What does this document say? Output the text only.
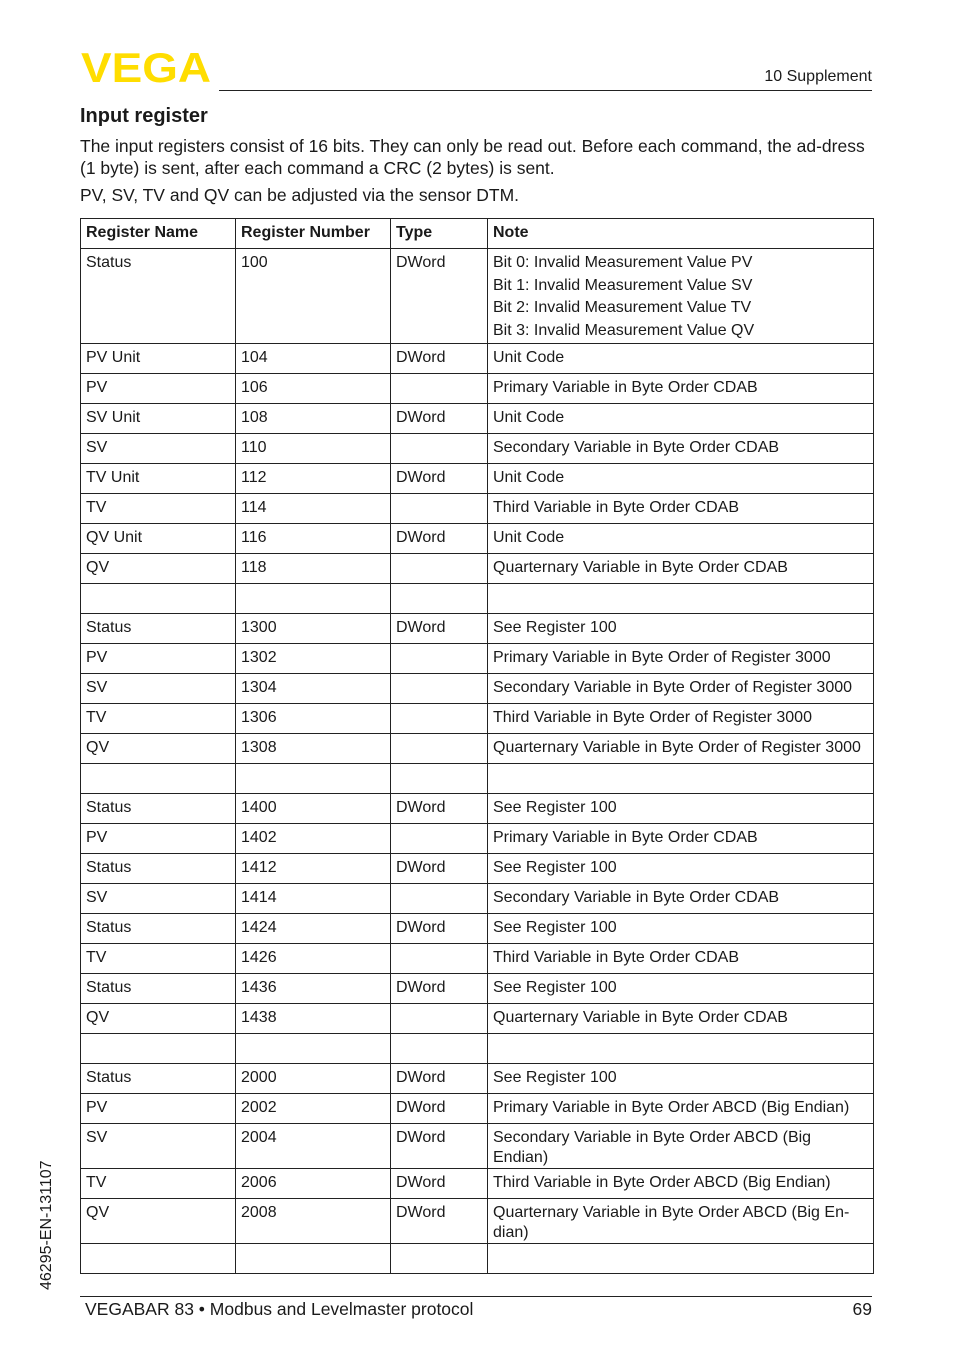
VEGA	10 Supplement
Input register

The input registers consist of 16 bits. They can only be read out. Before each command, the ad-dress (1 byte) is sent, after each command a CRC (2 bytes) is sent.

PV, SV, TV and QV can be adjusted via the sensor DTM.

Register Name	Register Number	Type	Note
Status	100	DWord	Bit 0: Invalid Measurement Value PV
Bit 1: Invalid Measurement Value SV
Bit 2: Invalid Measurement Value TV
Bit 3: Invalid Measurement Value QV

PV Unit	104	DWord	Unit Code
PV	106		Primary Variable in Byte Order CDAB
SV Unit	108	DWord	Unit Code
SV	110		Secondary Variable in Byte Order CDAB
TV Unit	112	DWord	Unit Code
TV	114		Third Variable in Byte Order CDAB
QV Unit	116	DWord	Unit Code
QV	118		Quarternary Variable in Byte Order CDAB

Status	1300	DWord	See Register 100
PV	1302		Primary Variable in Byte Order of Register 3000
SV	1304		Secondary Variable in Byte Order of Register 3000
TV	1306		Third Variable in Byte Order of Register 3000
QV	1308		Quarternary Variable in Byte Order of Register 3000

Status	1400	DWord	See Register 100
PV	1402		Primary Variable in Byte Order CDAB
Status	1412	DWord	See Register 100
SV	1414		Secondary Variable in Byte Order CDAB
Status	1424	DWord	See Register 100
TV	1426		Third Variable in Byte Order CDAB
Status	1436	DWord	See Register 100
QV	1438		Quarternary Variable in Byte Order CDAB

Status	2000	DWord	See Register 100
PV	2002	DWord	Primary Variable in Byte Order ABCD (Big Endian)
SV	2004	DWord	Secondary Variable in Byte Order ABCD (Big Endian)
TV	2006	DWord	Third Variable in Byte Order ABCD (Big Endian)
QV	2008	DWord	Quarternary Variable in Byte Order ABCD (Big En-dian)

46295-EN-131107
VEGABAR 83 • Modbus and Levelmaster protocol	69
